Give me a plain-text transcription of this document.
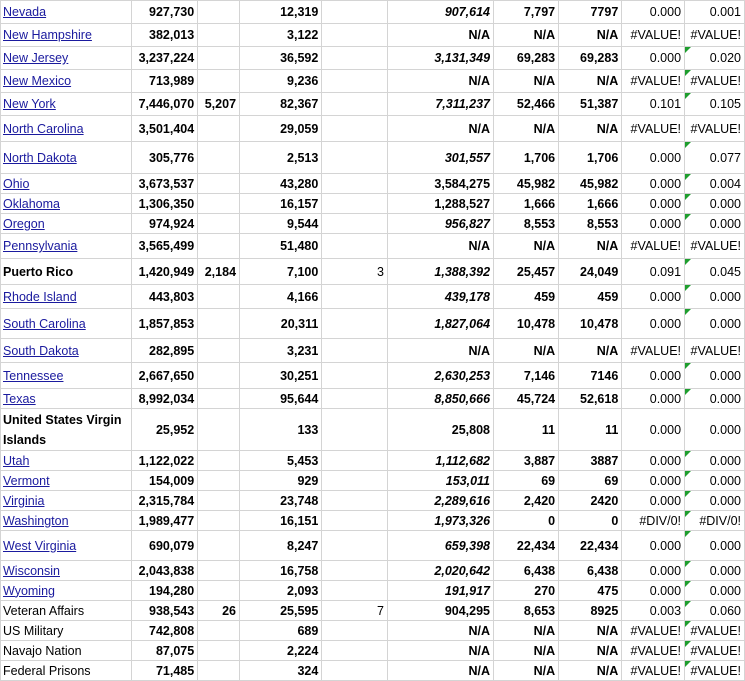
Nevada	927,730		12,319		907,614	7,797	7797	0.000	0.001
New Hampshire	382,013		3,122		N/A	N/A	N/A	#VALUE!	#VALUE!
New Jersey	3,237,224		36,592		3,131,349	69,283	69,283	0.000	0.020
New Mexico	713,989		9,236		N/A	N/A	N/A	#VALUE!	#VALUE!
New York	7,446,070	5,207	82,367		7,311,237	52,466	51,387	0.101	0.105
North Carolina	3,501,404		29,059		N/A	N/A	N/A	#VALUE!	#VALUE!
North Dakota	305,776		2,513		301,557	1,706	1,706	0.000	0.077
Ohio	3,673,537		43,280		3,584,275	45,982	45,982	0.000	0.004
Oklahoma	1,306,350		16,157		1,288,527	1,666	1,666	0.000	0.000
Oregon	974,924		9,544		956,827	8,553	8,553	0.000	0.000
Pennsylvania	3,565,499		51,480		N/A	N/A	N/A	#VALUE!	#VALUE!
Puerto Rico	1,420,949	2,184	7,100	3	1,388,392	25,457	24,049	0.091	0.045
Rhode Island	443,803		4,166		439,178	459	459	0.000	0.000
South Carolina	1,857,853		20,311		1,827,064	10,478	10,478	0.000	0.000
South Dakota	282,895		3,231		N/A	N/A	N/A	#VALUE!	#VALUE!
Tennessee	2,667,650		30,251		2,630,253	7,146	7146	0.000	0.000
Texas	8,992,034		95,644		8,850,666	45,724	52,618	0.000	0.000
United States Virgin Islands	25,952		133		25,808	11	11	0.000	0.000
Utah	1,122,022		5,453		1,112,682	3,887	3887	0.000	0.000
Vermont	154,009		929		153,011	69	69	0.000	0.000
Virginia	2,315,784		23,748		2,289,616	2,420	2420	0.000	0.000
Washington	1,989,477		16,151		1,973,326	0	0	#DIV/0!	#DIV/0!
West Virginia	690,079		8,247		659,398	22,434	22,434	0.000	0.000
Wisconsin	2,043,838		16,758		2,020,642	6,438	6,438	0.000	0.000
Wyoming	194,280		2,093		191,917	270	475	0.000	0.000
Veteran Affairs	938,543	26	25,595	7	904,295	8,653	8925	0.003	0.060
US Military	742,808		689		N/A	N/A	N/A	#VALUE!	#VALUE!
Navajo Nation	87,075		2,224		N/A	N/A	N/A	#VALUE!	#VALUE!
Federal Prisons	71,485		324		N/A	N/A	N/A	#VALUE!	#VALUE!
